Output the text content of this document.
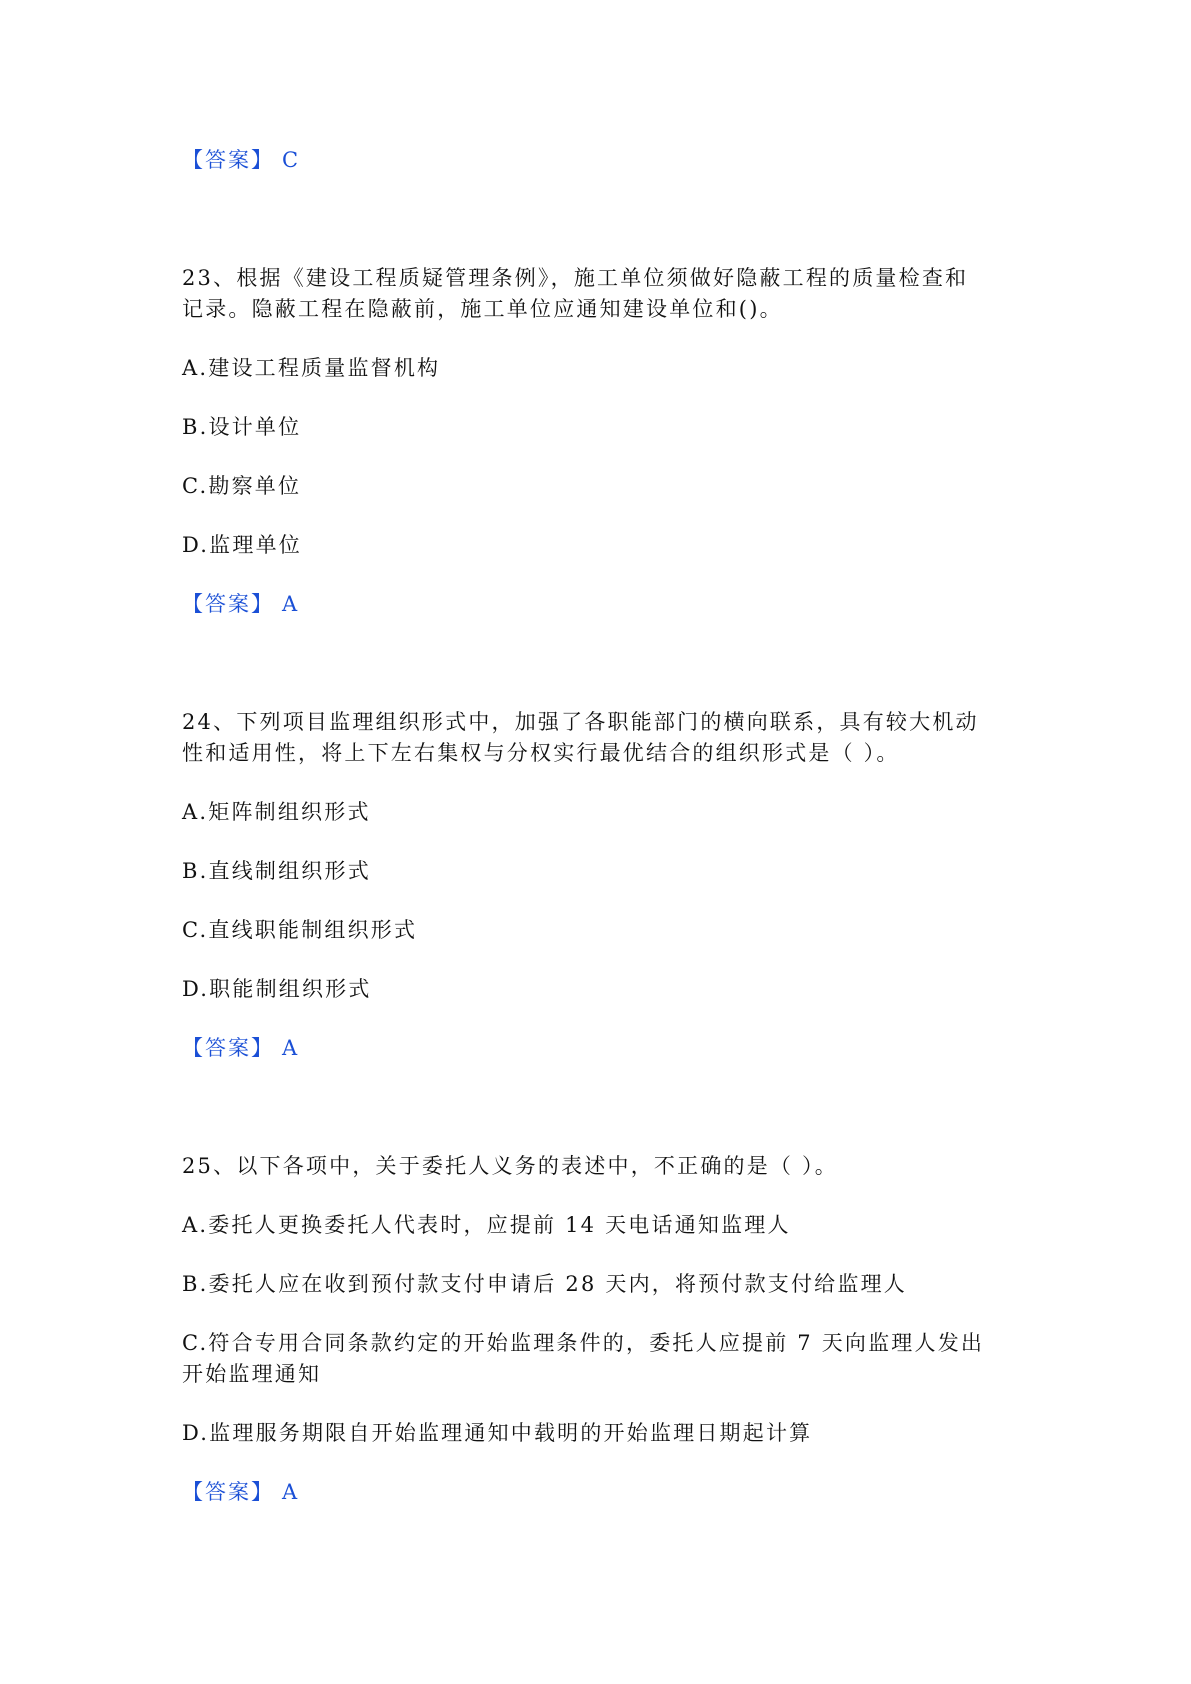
【答案】 C
23、根据《建设工程质疑管理条例》，施工单位须做好隐蔽工程的质量检查和
记录。隐蔽工程在隐蔽前，施工单位应通知建设单位和()。
A.建设工程质量监督机构
B.设计单位
C.勘察单位
D.监理单位
【答案】 A
24、下列项目监理组织形式中，加强了各职能部门的横向联系，具有较大机动
性和适用性，将上下左右集权与分权实行最优结合的组织形式是（ ）。
A.矩阵制组织形式
B.直线制组织形式
C.直线职能制组织形式
D.职能制组织形式
【答案】 A
25、以下各项中，关于委托人义务的表述中，不正确的是（ ）。
A.委托人更换委托人代表时，应提前 14 天电话通知监理人
B.委托人应在收到预付款支付申请后 28 天内，将预付款支付给监理人
C.符合专用合同条款约定的开始监理条件的，委托人应提前 7 天向监理人发出
开始监理通知
D.监理服务期限自开始监理通知中载明的开始监理日期起计算
【答案】 A
